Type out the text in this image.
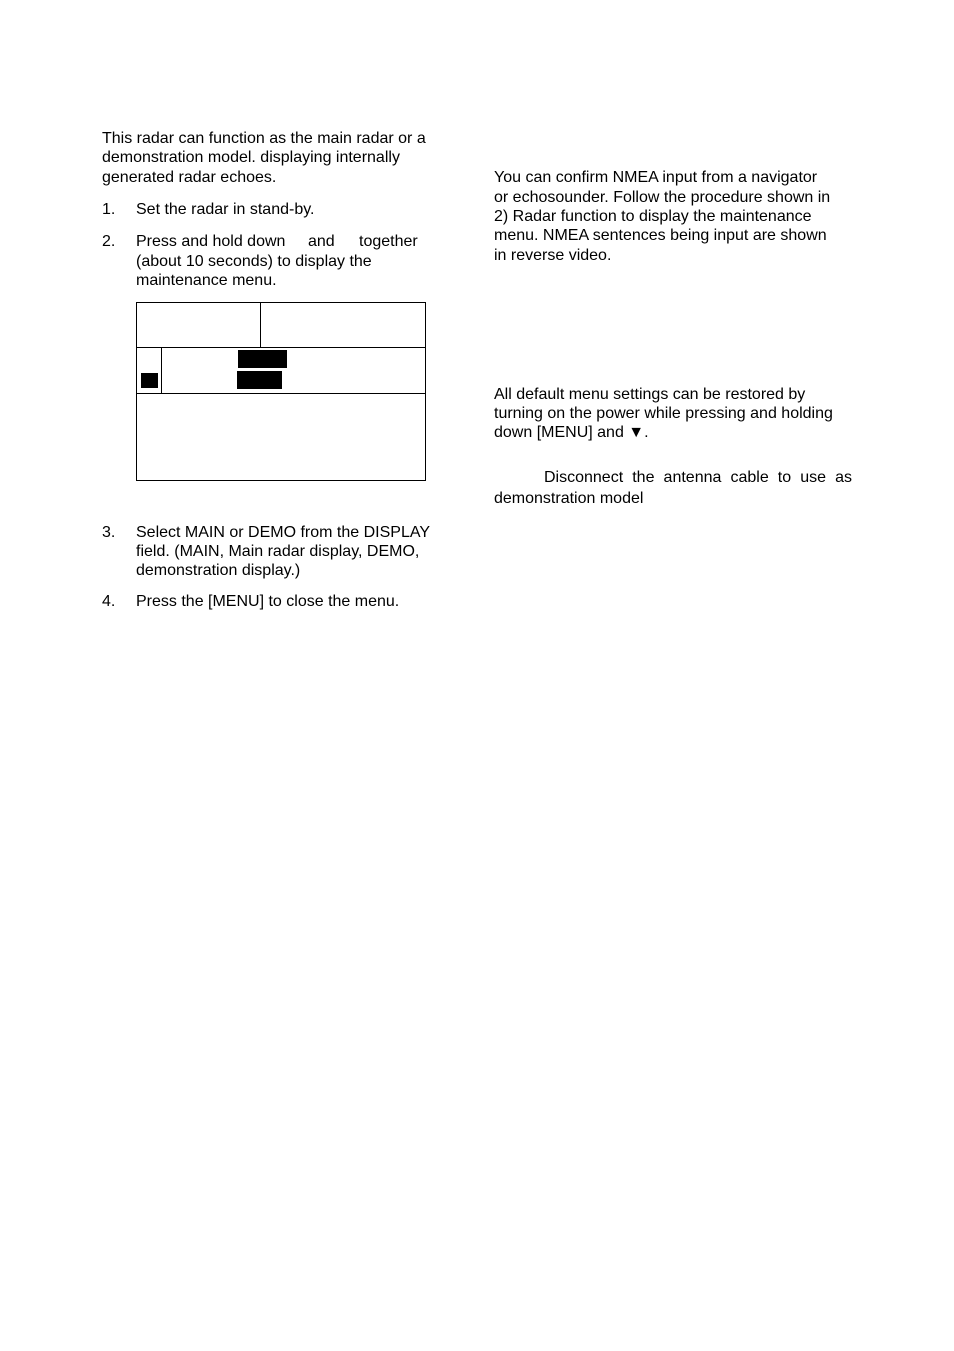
This radar can function as the main radar or a
demonstration model. displaying internally
generated radar echoes.
1. Set the radar in stand-by.
2. Press and hold down and together
(about 10 seconds) to display the
maintenance menu.
3. Select MAIN or DEMO from the DISPLAY
field. (MAIN, Main radar display, DEMO,
demonstration display.)
4. Press the [MENU] to close the menu.
You can confirm NMEA input from a navigator
or echosounder. Follow the procedure shown in
2) Radar function to display the maintenance
menu. NMEA sentences being input are shown
in reverse video.
All default menu settings can be restored by
turning on the power while pressing and holding
down [MENU] and ▼.
Disconnect the antenna cable to use as
demonstration model
